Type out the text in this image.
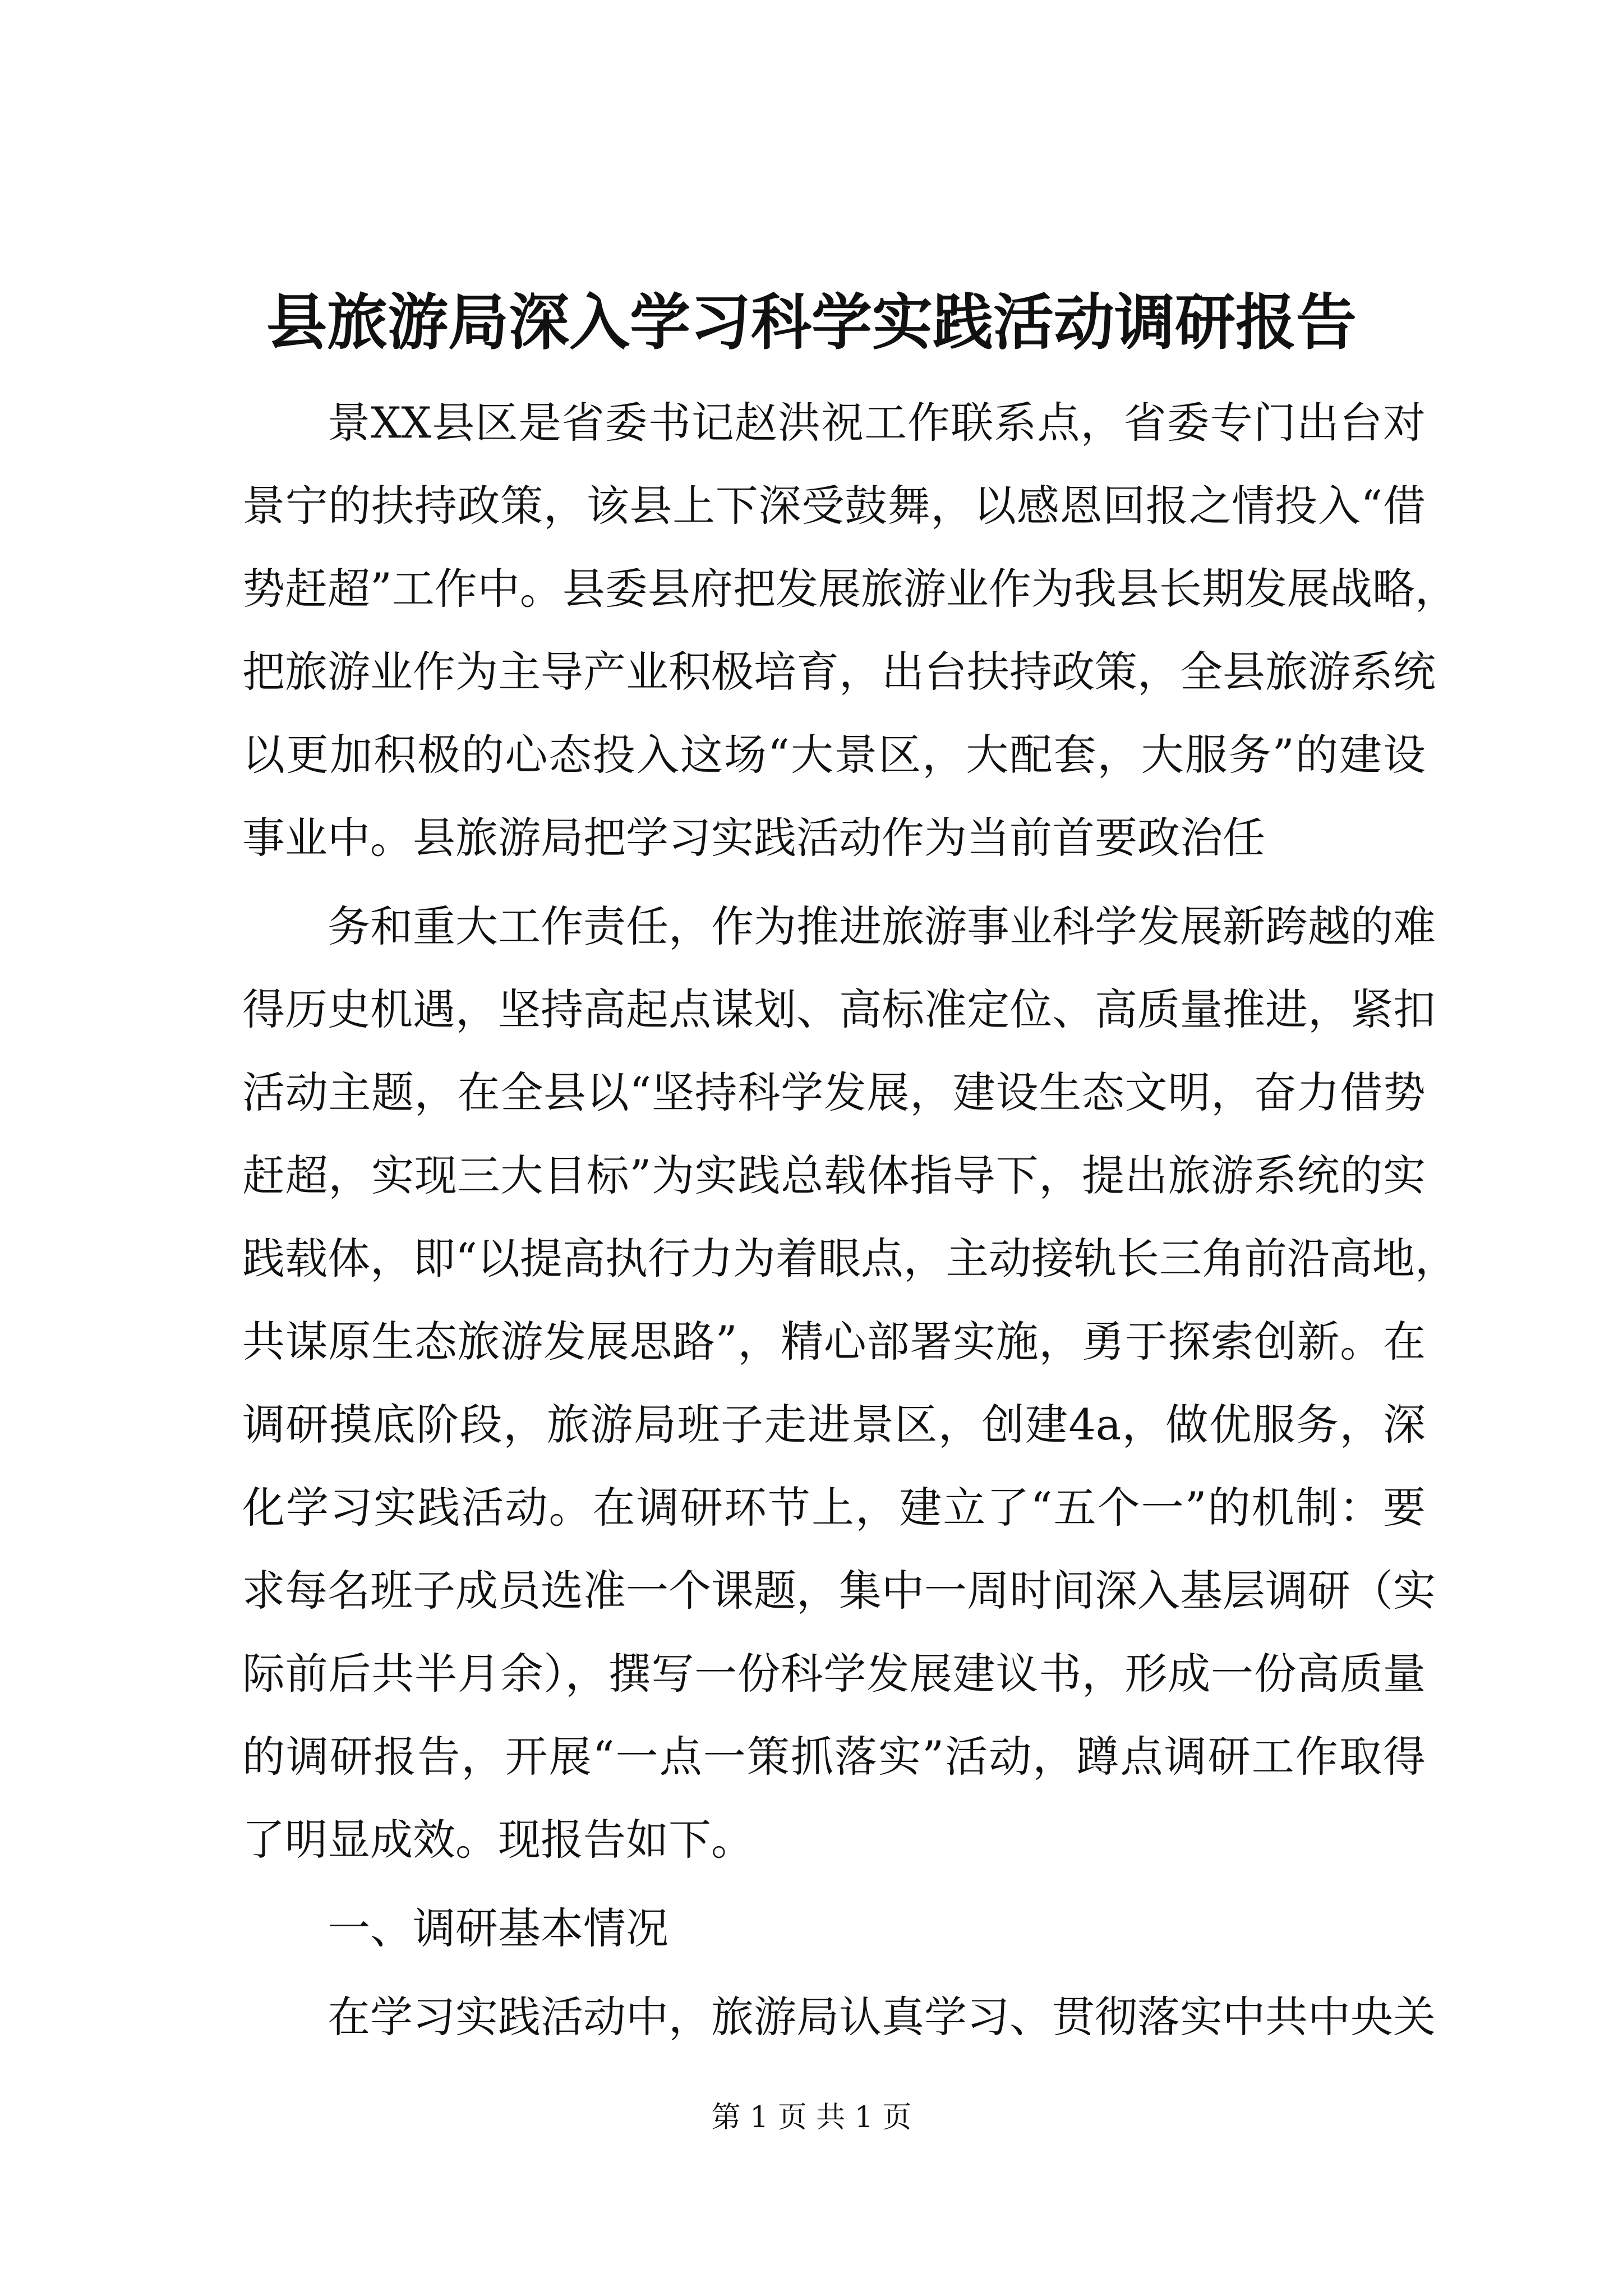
县旅游局深入学习科学实践活动调研报告
景XX县区是省委书记赵洪祝工作联系点，省委专门出台对
景宁的扶持政策，该县上下深受鼓舞，以感恩回报之情投入“借
势赶超”工作中。县委县府把发展旅游业作为我县长期发展战略，
把旅游业作为主导产业积极培育，出台扶持政策，全县旅游系统
以更加积极的心态投入这场“大景区，大配套，大服务”的建设
事业中。县旅游局把学习实践活动作为当前首要政治任
务和重大工作责任，作为推进旅游事业科学发展新跨越的难
得历史机遇，坚持高起点谋划、高标准定位、高质量推进，紧扣
活动主题，在全县以“坚持科学发展，建设生态文明，奋力借势
赶超，实现三大目标”为实践总载体指导下，提出旅游系统的实
践载体，即“以提高执行力为着眼点，主动接轨长三角前沿高地，
共谋原生态旅游发展思路”，精心部署实施，勇于探索创新。在
调研摸底阶段，旅游局班子走进景区，创建4a，做优服务，深
化学习实践活动。在调研环节上，建立了“五个一”的机制：要
求每名班子成员选准一个课题，集中一周时间深入基层调研（实
际前后共半月余），撰写一份科学发展建议书，形成一份高质量
的调研报告，开展“一点一策抓落实”活动，蹲点调研工作取得
了明显成效。现报告如下。
一、调研基本情况
在学习实践活动中，旅游局认真学习、贯彻落实中共中央关
第 1 页 共 1 页
